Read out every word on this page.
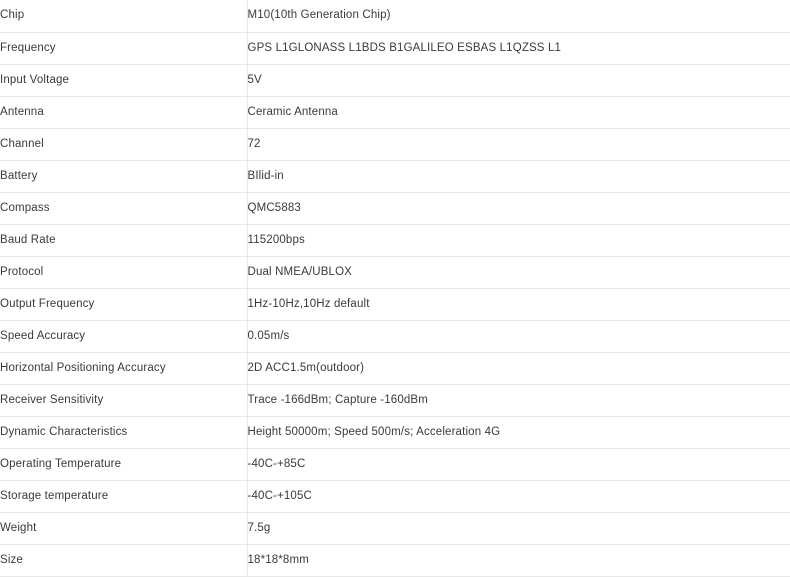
Chip	M10(10th Generation Chip)
Frequency	GPS L1GLONASS L1BDS B1GALILEO ESBAS L1QZSS L1
Input Voltage	5V
Antenna	Ceramic Antenna
Channel	72
Battery	BIlid-in
Compass	QMC5883
Baud Rate	115200bps
Protocol	Dual NMEA/UBLOX
Output Frequency	1Hz-10Hz,10Hz default
Speed Accuracy	0.05m/s
Horizontal Positioning Accuracy	2D ACC1.5m(outdoor)
Receiver Sensitivity	Trace -166dBm; Capture -160dBm
Dynamic Characteristics	Height 50000m; Speed 500m/s; Acceleration 4G
Operating Temperature	-40C-+85C
Storage temperature	-40C-+105C
Weight	7.5g
Size	18*18*8mm
